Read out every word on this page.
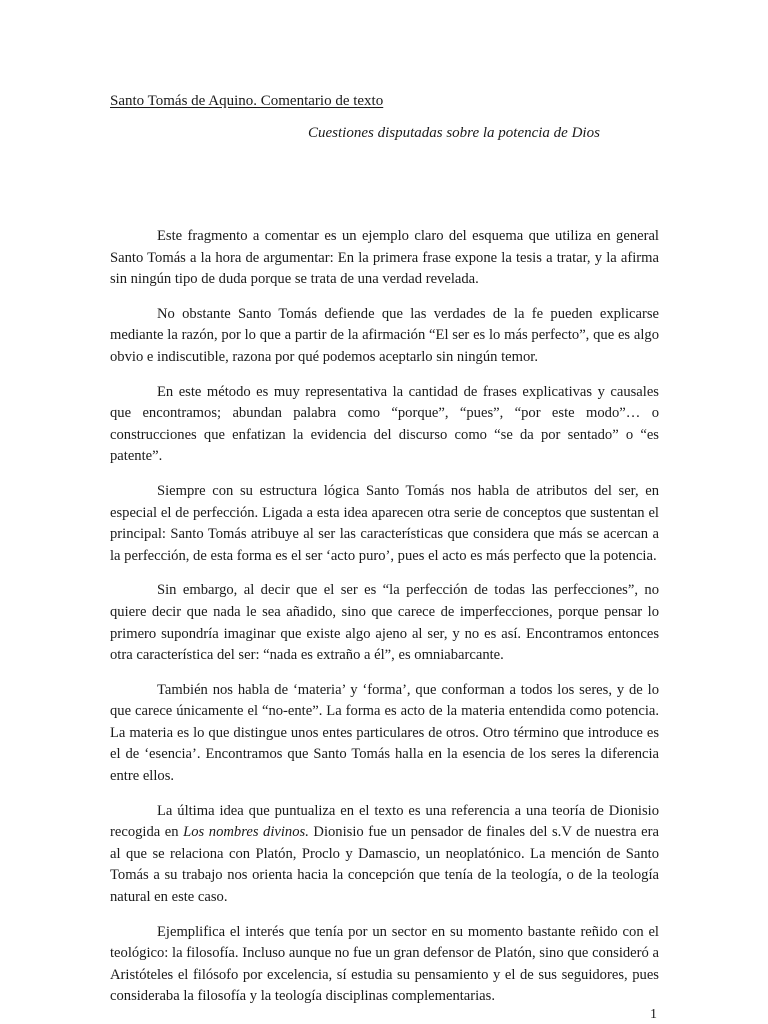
Santo Tomás de Aquino. Comentario de texto
Cuestiones disputadas sobre la potencia de Dios

Este fragmento a comentar es un ejemplo claro del esquema que utiliza en general Santo Tomás a la hora de argumentar: En la primera frase expone la tesis a tratar, y la afirma sin ningún tipo de duda porque se trata de una verdad revelada.

No obstante Santo Tomás defiende que las verdades de la fe pueden explicarse mediante la razón, por lo que a partir de la afirmación “El ser es lo más perfecto”, que es algo obvio e indiscutible, razona por qué podemos aceptarlo sin ningún temor.

En este método es muy representativa la cantidad de frases explicativas y causales que encontramos; abundan palabra como “porque”, “pues”, “por este modo”… o construcciones que enfatizan la evidencia del discurso como “se da por sentado” o “es patente”.

Siempre con su estructura lógica Santo Tomás nos habla de atributos del ser, en especial el de perfección. Ligada a esta idea aparecen otra serie de conceptos que sustentan el principal: Santo Tomás atribuye al ser las características que considera que más se acercan a la perfección, de esta forma es el ser ‘acto puro’, pues el acto es más perfecto que la potencia.

Sin embargo, al decir que el ser es “la perfección de todas las perfecciones”, no quiere decir que nada le sea añadido, sino que carece de imperfecciones, porque pensar lo primero supondría imaginar que existe algo ajeno al ser, y no es así. Encontramos entonces otra característica del ser: “nada es extraño a él”, es omniabarcante.

También nos habla de ‘materia’ y ‘forma’, que conforman a todos los seres, y de lo que carece únicamente el “no-ente”. La forma es acto de la materia entendida como potencia. La materia es lo que distingue unos entes particulares de otros. Otro término que introduce es el de ‘esencia’. Encontramos que Santo Tomás halla en la esencia de los seres la diferencia entre ellos.

La última idea que puntualiza en el texto es una referencia a una teoría de Dionisio recogida en Los nombres divinos. Dionisio fue un pensador de finales del s.V de nuestra era al que se relaciona con Platón, Proclo y Damascio, un neoplatónico. La mención de Santo Tomás a su trabajo nos orienta hacia la concepción que tenía de la teología, o de la teología natural en este caso.

Ejemplifica el interés que tenía por un sector en su momento bastante reñido con el teológico: la filosofía. Incluso aunque no fue un gran defensor de Platón, sino que consideró a Aristóteles el filósofo por excelencia, sí estudia su pensamiento y el de sus seguidores, pues consideraba la filosofía y la teología disciplinas complementarias.

1
